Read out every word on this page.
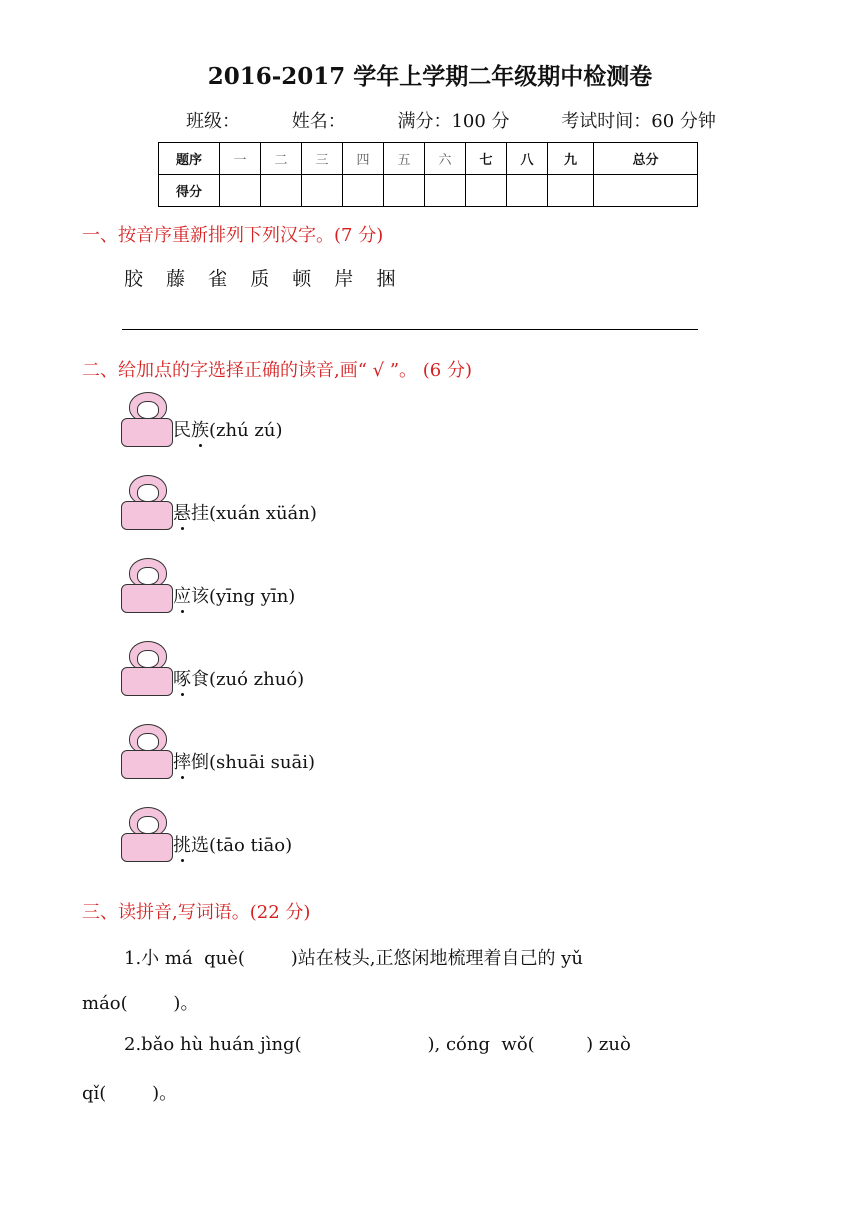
2016-2017 学年上学期二年级期中检测卷
班级：	姓名：	满分：100 分	考试时间：60 分钟
题序	一	二	三	四	五	六	七	八	九	总分
得分										
一、按音序重新排列下列汉字。(7 分)
胶 藤 雀 质 顿 岸 捆
二、给加点的字选择正确的读音,画“ √ ”。 (6 分)
民族(zhú zú)
悬挂(xuán xüán)
应该(yīng yīn)
啄食(zuó zhuó)
摔倒(shuāi suāi)
挑选(tāo tiāo)
三、读拼音,写词语。(22 分)
1.小 má  què(        )站在枝头,正悠闲地梳理着自己的 yǔ
máo(        )。
2.bǎo hù huán jìng(                      ), cóng  wǒ(         ) zuò
qǐ(        )。
